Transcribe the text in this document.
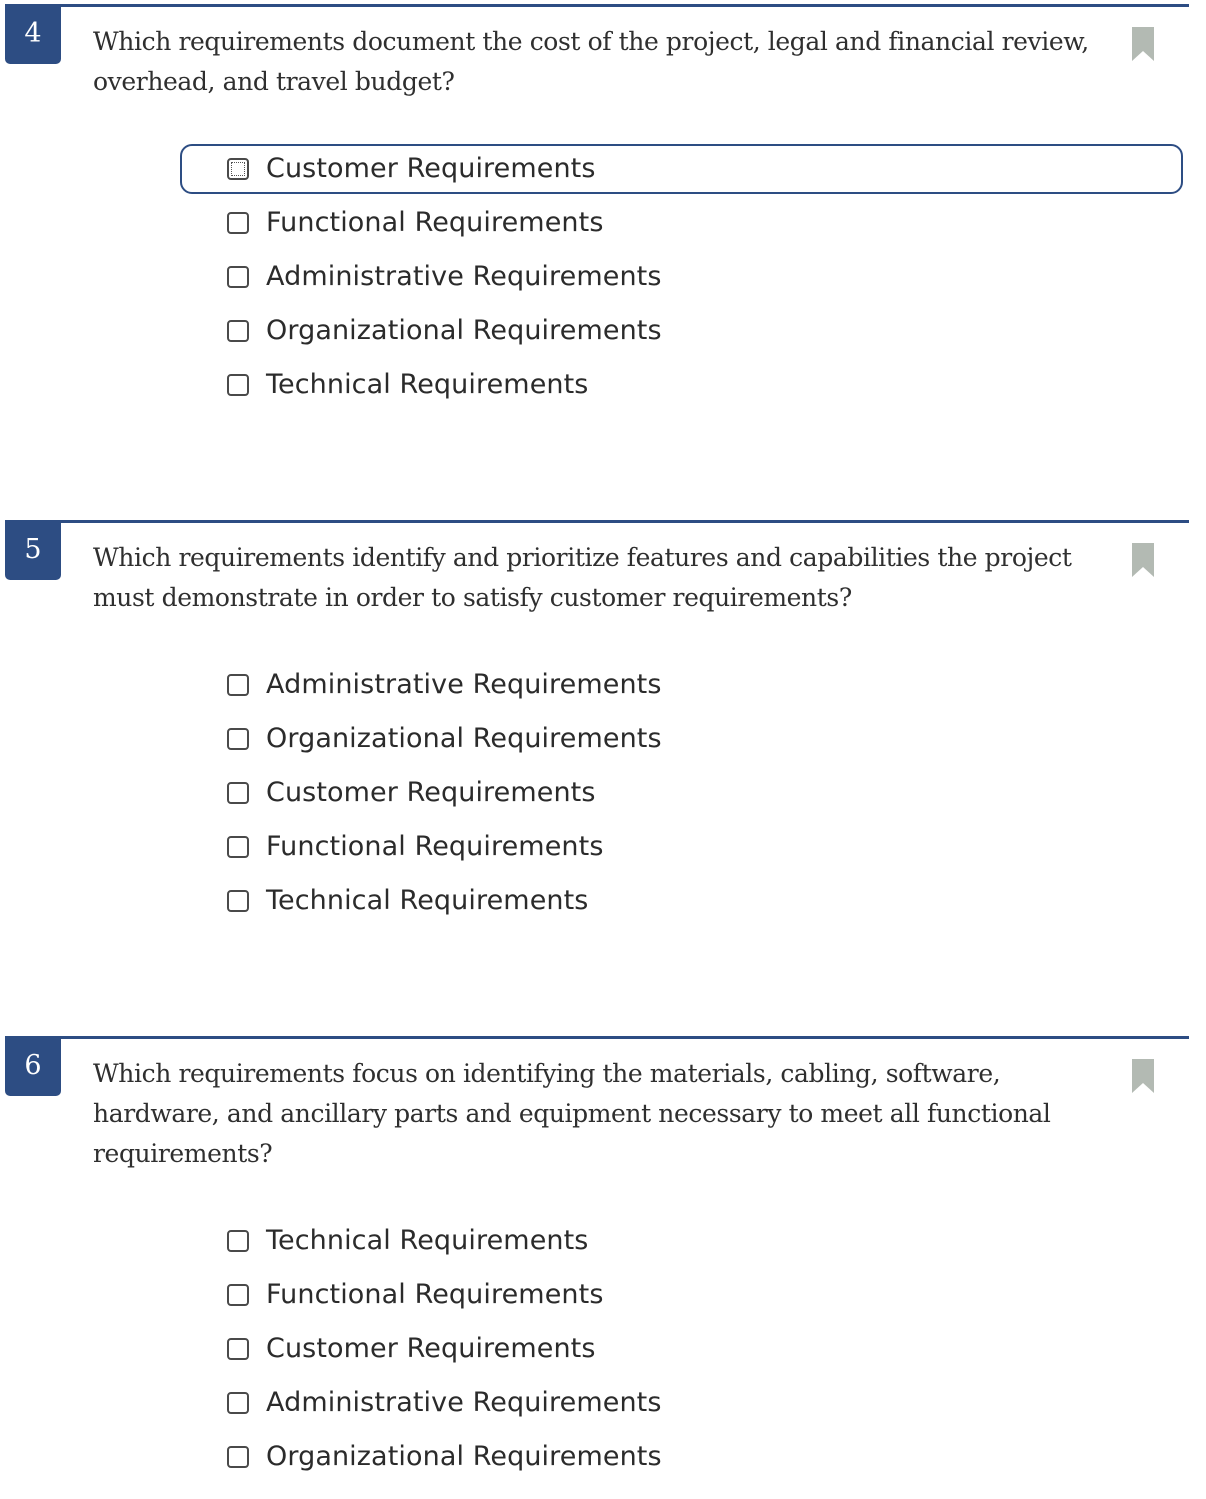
4	Which requirements document the cost of the project, legal and financial review, overhead, and travel budget?
Customer Requirements
Functional Requirements
Administrative Requirements
Organizational Requirements
Technical Requirements
5	Which requirements identify and prioritize features and capabilities the project must demonstrate in order to satisfy customer requirements?
Administrative Requirements
Organizational Requirements
Customer Requirements
Functional Requirements
Technical Requirements
6	Which requirements focus on identifying the materials, cabling, software, hardware, and ancillary parts and equipment necessary to meet all functional requirements?
Technical Requirements
Functional Requirements
Customer Requirements
Administrative Requirements
Organizational Requirements
